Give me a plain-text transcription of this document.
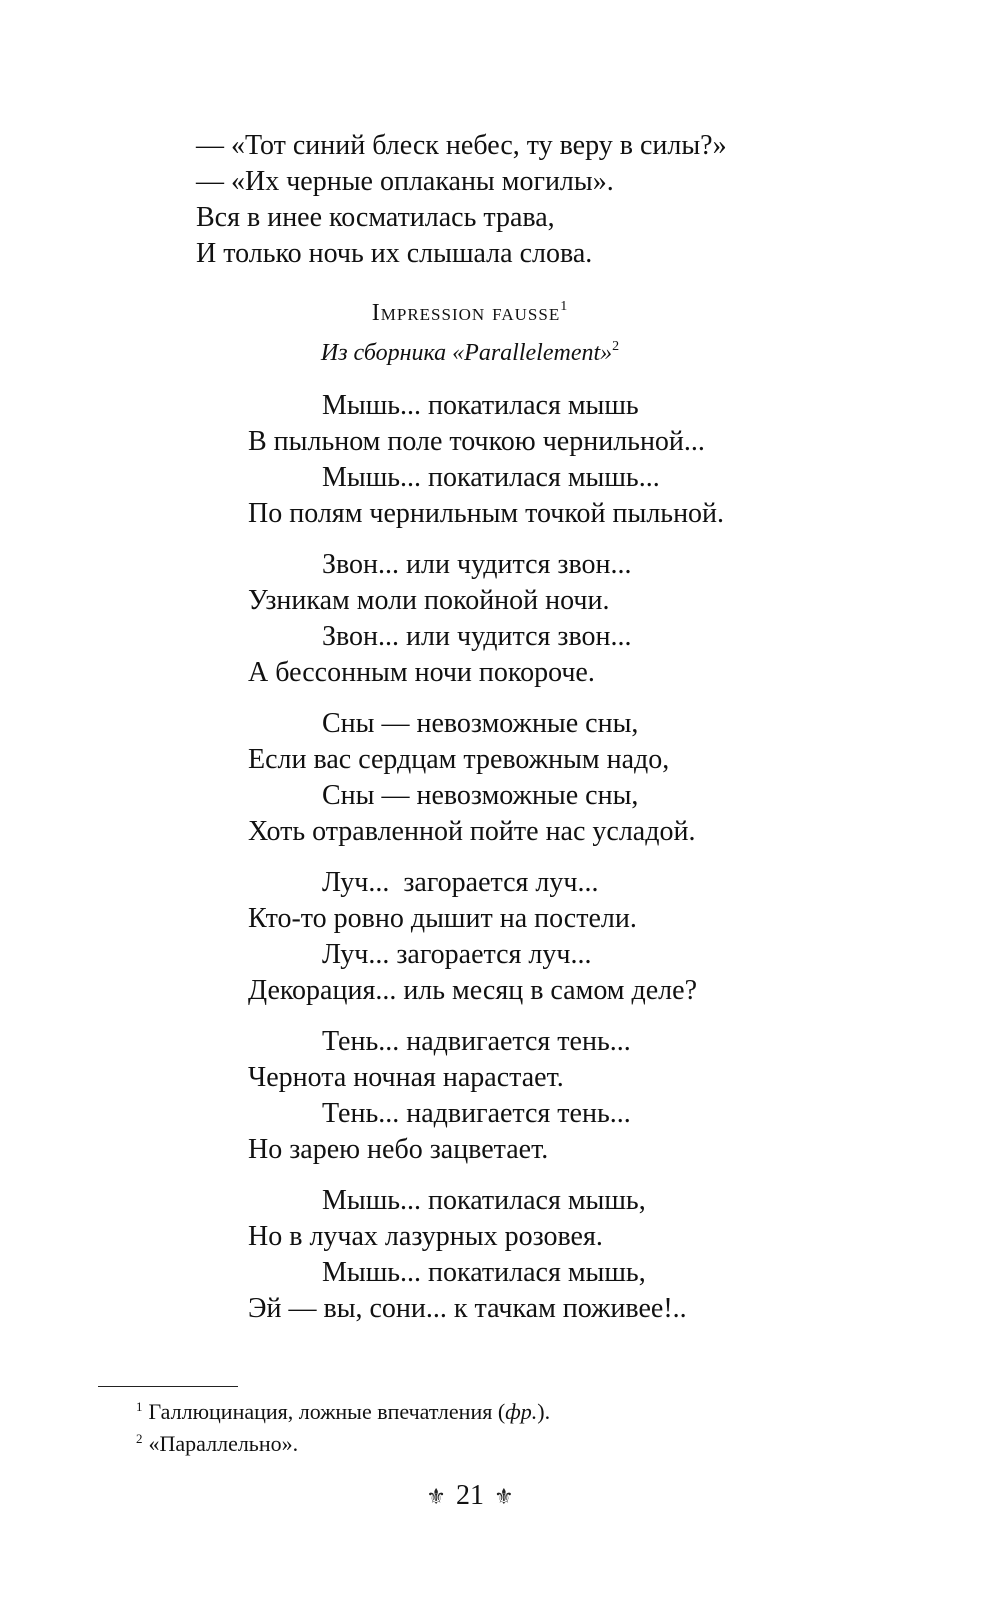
— «Тот синий блеск небес, ту веру в силы?»
— «Их черные оплаканы могилы».
Вся в инее косматилась трава,
И только ночь их слышала слова.
Impression fausse$^1$
Из сборника «Parallelement»$^2$
Мышь... покатилася мышь
В пыльном поле точкою чернильной...
Мышь... покатилася мышь...
По полям чернильным точкой пыльной.
Звон... или чудится звон...
Узникам моли покойной ночи.
Звон... или чудится звон...
А бессонным ночи покороче.
Сны — невозможные сны,
Если вас сердцам тревожным надо,
Сны — невозможные сны,
Хоть отравленной пойте нас усладой.
Луч...  загорается луч...
Кто-то ровно дышит на постели.
Луч... загорается луч...
Декорация... иль месяц в самом деле?
Тень... надвигается тень...
Чернота ночная нарастает.
Тень... надвигается тень...
Но зарею небо зацветает.
Мышь... покатилася мышь,
Но в лучах лазурных розовея.
Мышь... покатилася мышь,
Эй — вы, сони... к тачкам поживее!..
$^1$ Галлюцинация, ложные впечатления (фр.).
$^2$ «Параллельно».
⚜ 21 ⚜
